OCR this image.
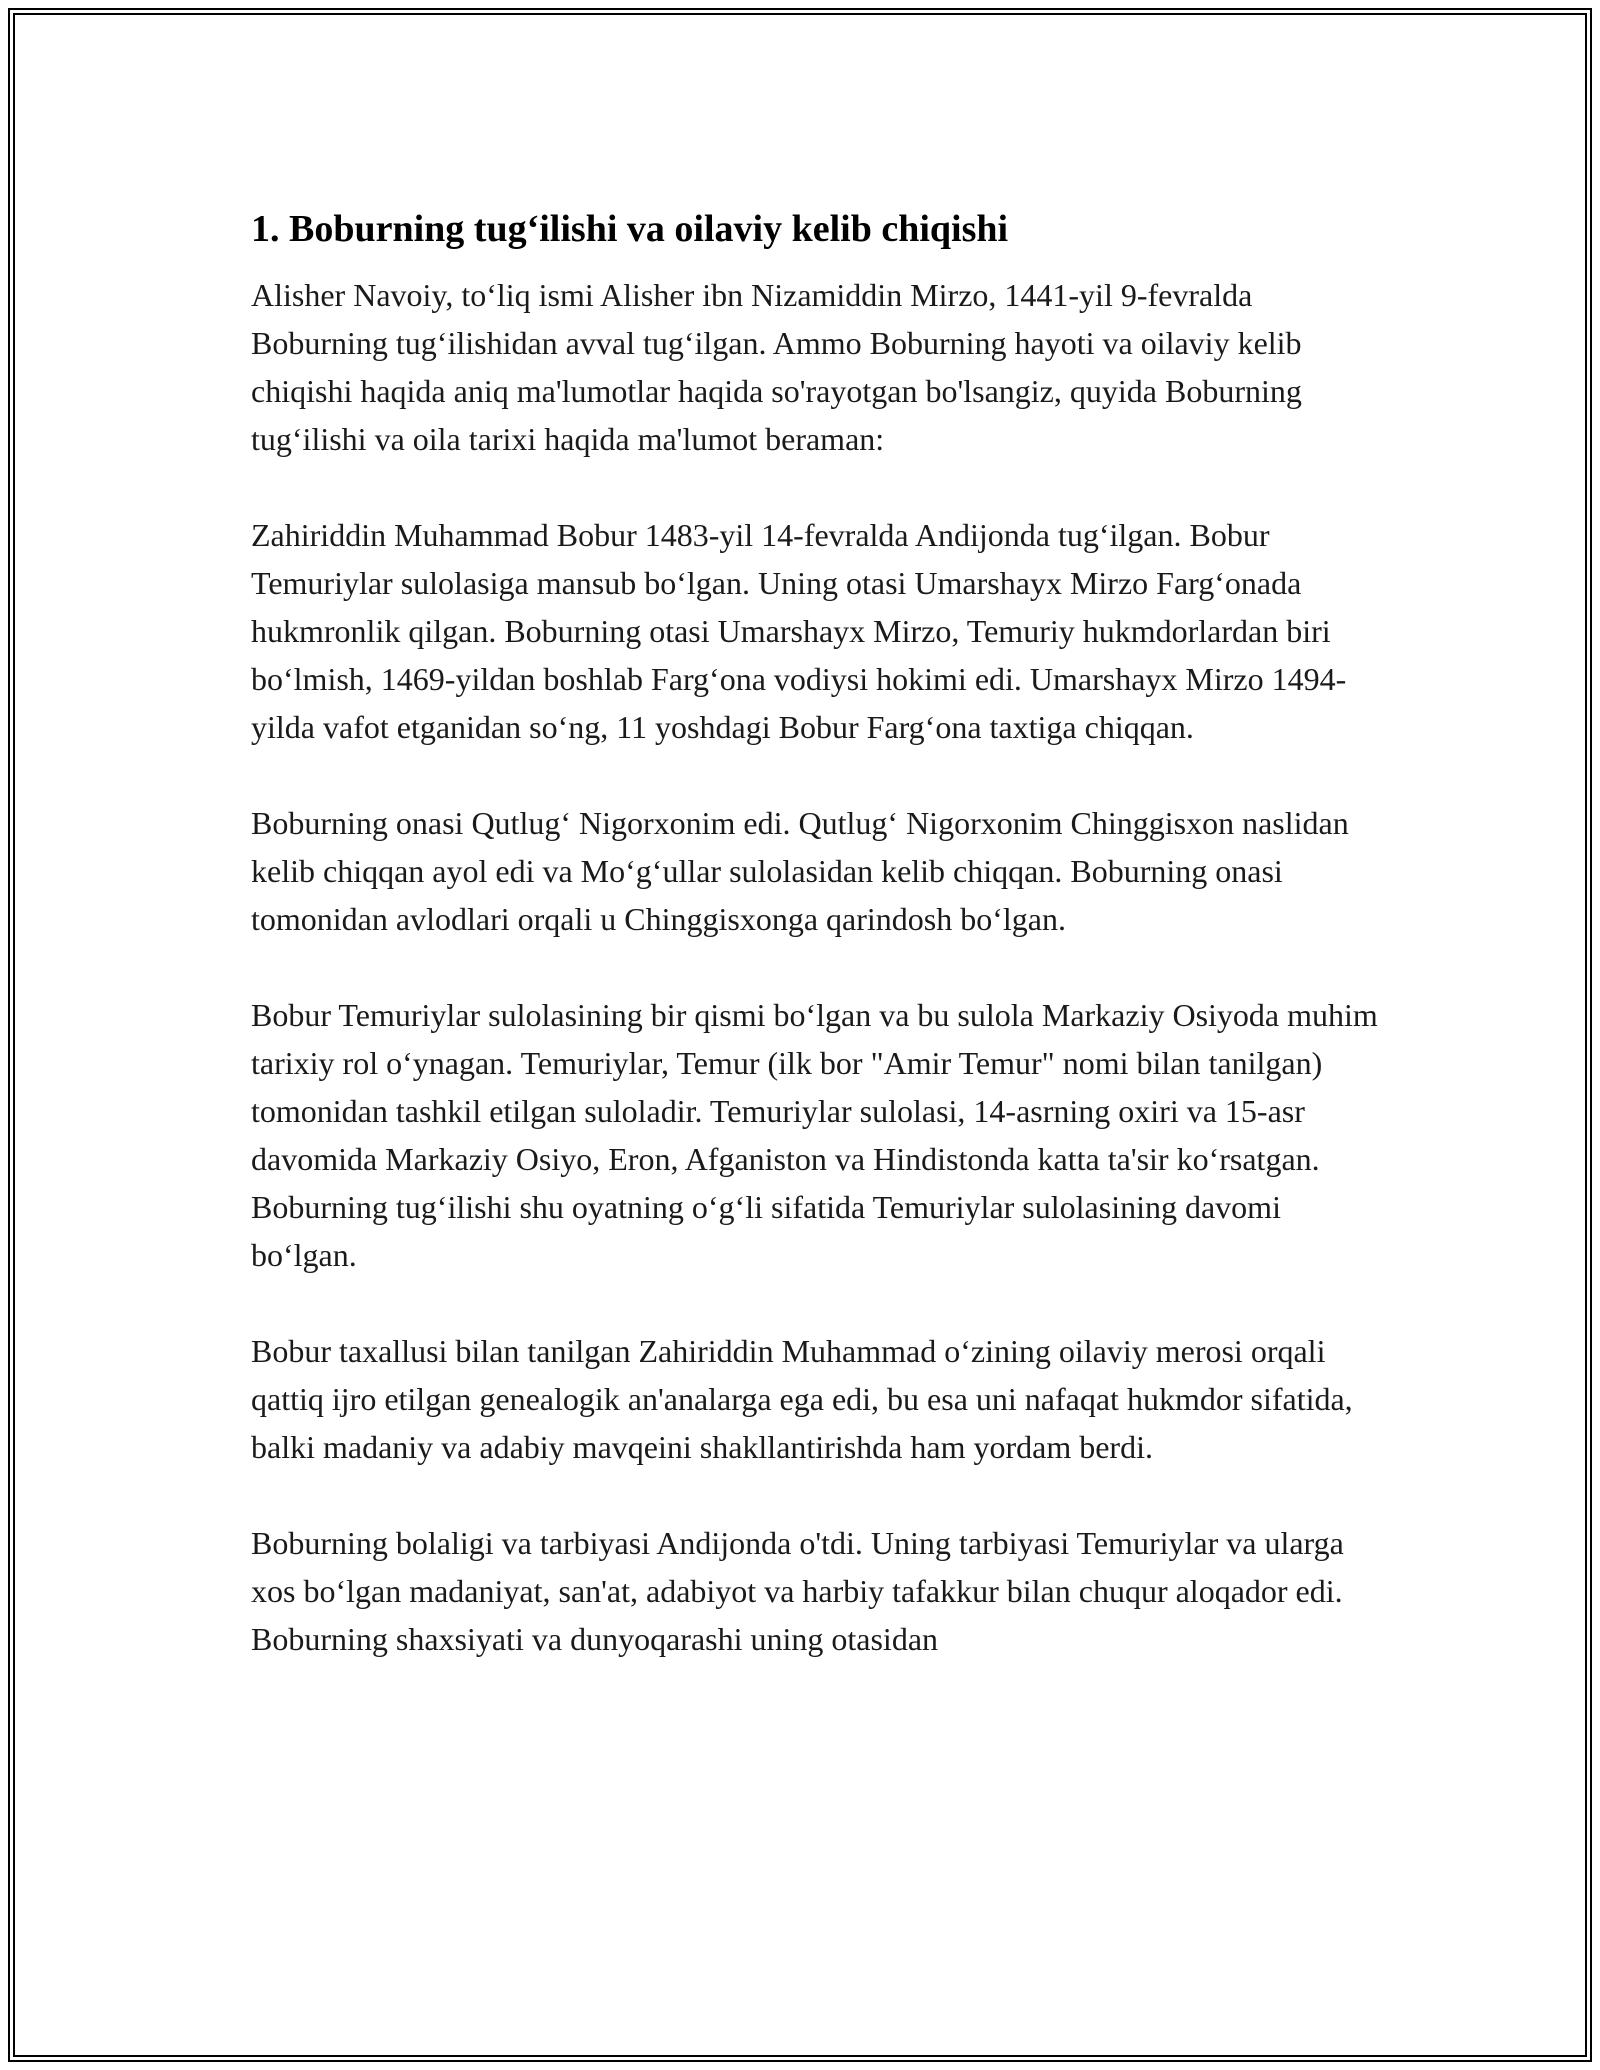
1. Boburning tug‘ilishi va oilaviy kelib chiqishi

Alisher Navoiy, to‘liq ismi Alisher ibn Nizamiddin Mirzo, 1441-yil 9-fevralda Boburning tug‘ilishidan avval tug‘ilgan. Ammo Boburning hayoti va oilaviy kelib chiqishi haqida aniq ma'lumotlar haqida so'rayotgan bo'lsangiz, quyida Boburning tug‘ilishi va oila tarixi haqida ma'lumot beraman:

Zahiriddin Muhammad Bobur 1483-yil 14-fevralda Andijonda tug‘ilgan. Bobur Temuriylar sulolasiga mansub bo‘lgan. Uning otasi Umarshayx Mirzo Farg‘onada hukmronlik qilgan. Boburning otasi Umarshayx Mirzo, Temuriy hukmdorlardan biri bo‘lmish, 1469-yildan boshlab Farg‘ona vodiysi hokimi edi. Umarshayx Mirzo 1494-yilda vafot etganidan so‘ng, 11 yoshdagi Bobur Farg‘ona taxtiga chiqqan.

Boburning onasi Qutlug‘ Nigorxonim edi. Qutlug‘ Nigorxonim Chinggisxon naslidan kelib chiqqan ayol edi va Mo‘g‘ullar sulolasidan kelib chiqqan. Boburning onasi tomonidan avlodlari orqali u Chinggisxonga qarindosh bo‘lgan.

Bobur Temuriylar sulolasining bir qismi bo‘lgan va bu sulola Markaziy Osiyoda muhim tarixiy rol o‘ynagan. Temuriylar, Temur (ilk bor "Amir Temur" nomi bilan tanilgan) tomonidan tashkil etilgan suloladir. Temuriylar sulolasi, 14-asrning oxiri va 15-asr davomida Markaziy Osiyo, Eron, Afganiston va Hindistonda katta ta'sir ko‘rsatgan. Boburning tug‘ilishi shu oyatning o‘g‘li sifatida Temuriylar sulolasining davomi bo‘lgan.

Bobur taxallusi bilan tanilgan Zahiriddin Muhammad o‘zining oilaviy merosi orqali qattiq ijro etilgan genealogik an'analarga ega edi, bu esa uni nafaqat hukmdor sifatida, balki madaniy va adabiy mavqeini shakllantirishda ham yordam berdi.

Boburning bolaligi va tarbiyasi Andijonda o'tdi. Uning tarbiyasi Temuriylar va ularga xos bo‘lgan madaniyat, san'at, adabiyot va harbiy tafakkur bilan chuqur aloqador edi. Boburning shaxsiyati va dunyoqarashi uning otasidan
